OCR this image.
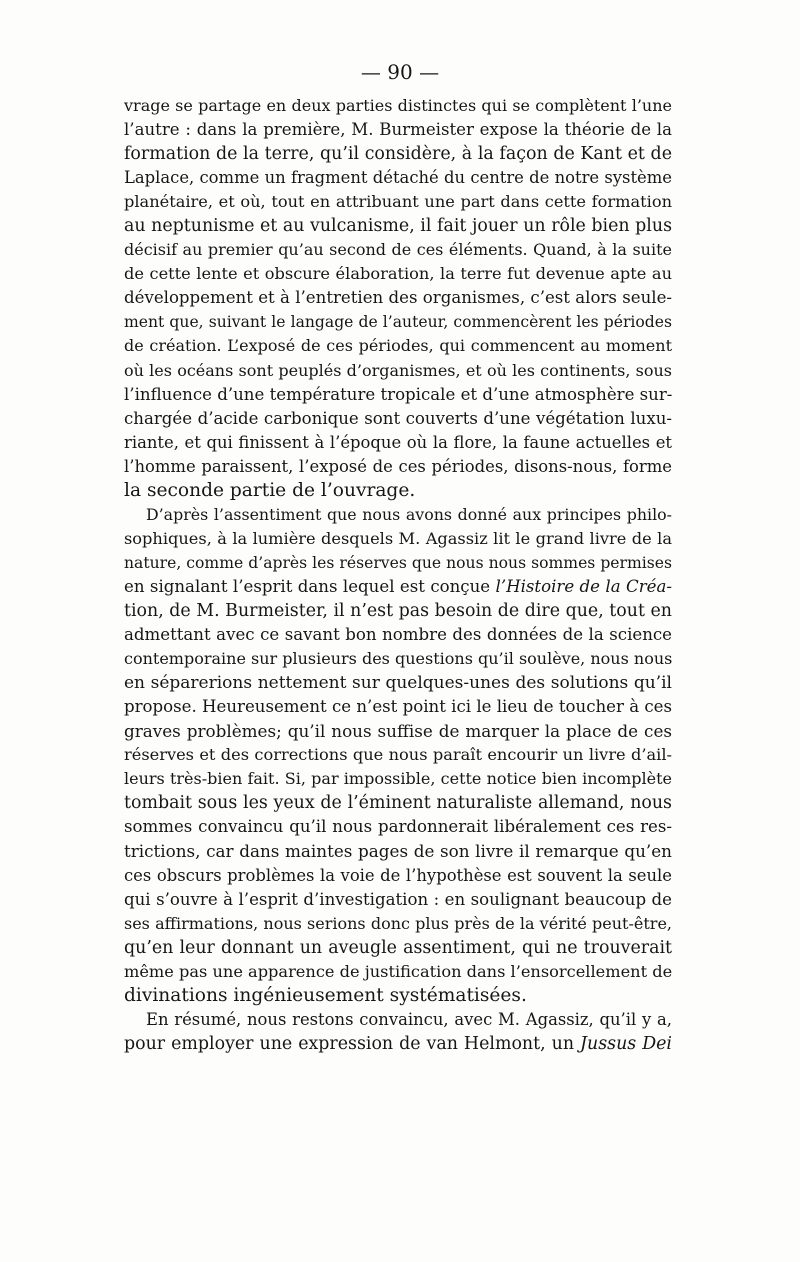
— 90 —
vrage se partage en deux parties distinctes qui se complètent l’une
l’autre : dans la première, M. Burmeister expose la théorie de la
formation de la terre, qu’il considère, à la façon de Kant et de
Laplace, comme un fragment détaché du centre de notre système
planétaire, et où, tout en attribuant une part dans cette formation
au neptunisme et au vulcanisme, il fait jouer un rôle bien plus
décisif au premier qu’au second de ces éléments. Quand, à la suite
de cette lente et obscure élaboration, la terre fut devenue apte au
développement et à l’entretien des organismes, c’est alors seule-
ment que, suivant le langage de l’auteur, commencèrent les périodes
de création. L’exposé de ces périodes, qui commencent au moment
où les océans sont peuplés d’organismes, et où les continents, sous
l’influence d’une température tropicale et d’une atmosphère sur-
chargée d’acide carbonique sont couverts d’une végétation luxu-
riante, et qui finissent à l’époque où la flore, la faune actuelles et
l’homme paraissent, l’exposé de ces périodes, disons-nous, forme
la seconde partie de l’ouvrage.
D’après l’assentiment que nous avons donné aux principes philo-
sophiques, à la lumière desquels M. Agassiz lit le grand livre de la
nature, comme d’après les réserves que nous nous sommes permises
en signalant l’esprit dans lequel est conçue l’Histoire de la Créa-
tion, de M. Burmeister, il n’est pas besoin de dire que, tout en
admettant avec ce savant bon nombre des données de la science
contemporaine sur plusieurs des questions qu’il soulève, nous nous
en séparerions nettement sur quelques-unes des solutions qu’il
propose. Heureusement ce n’est point ici le lieu de toucher à ces
graves problèmes; qu’il nous suffise de marquer la place de ces
réserves et des corrections que nous paraît encourir un livre d’ail-
leurs très-bien fait. Si, par impossible, cette notice bien incomplète
tombait sous les yeux de l’éminent naturaliste allemand, nous
sommes convaincu qu’il nous pardonnerait libéralement ces res-
trictions, car dans maintes pages de son livre il remarque qu’en
ces obscurs problèmes la voie de l’hypothèse est souvent la seule
qui s’ouvre à l’esprit d’investigation : en soulignant beaucoup de
ses affirmations, nous serions donc plus près de la vérité peut-être,
qu’en leur donnant un aveugle assentiment, qui ne trouverait
même pas une apparence de justification dans l’ensorcellement de
divinations ingénieusement systématisées.
En résumé, nous restons convaincu, avec M. Agassiz, qu’il y a,
pour employer une expression de van Helmont, un Jussus Dei
